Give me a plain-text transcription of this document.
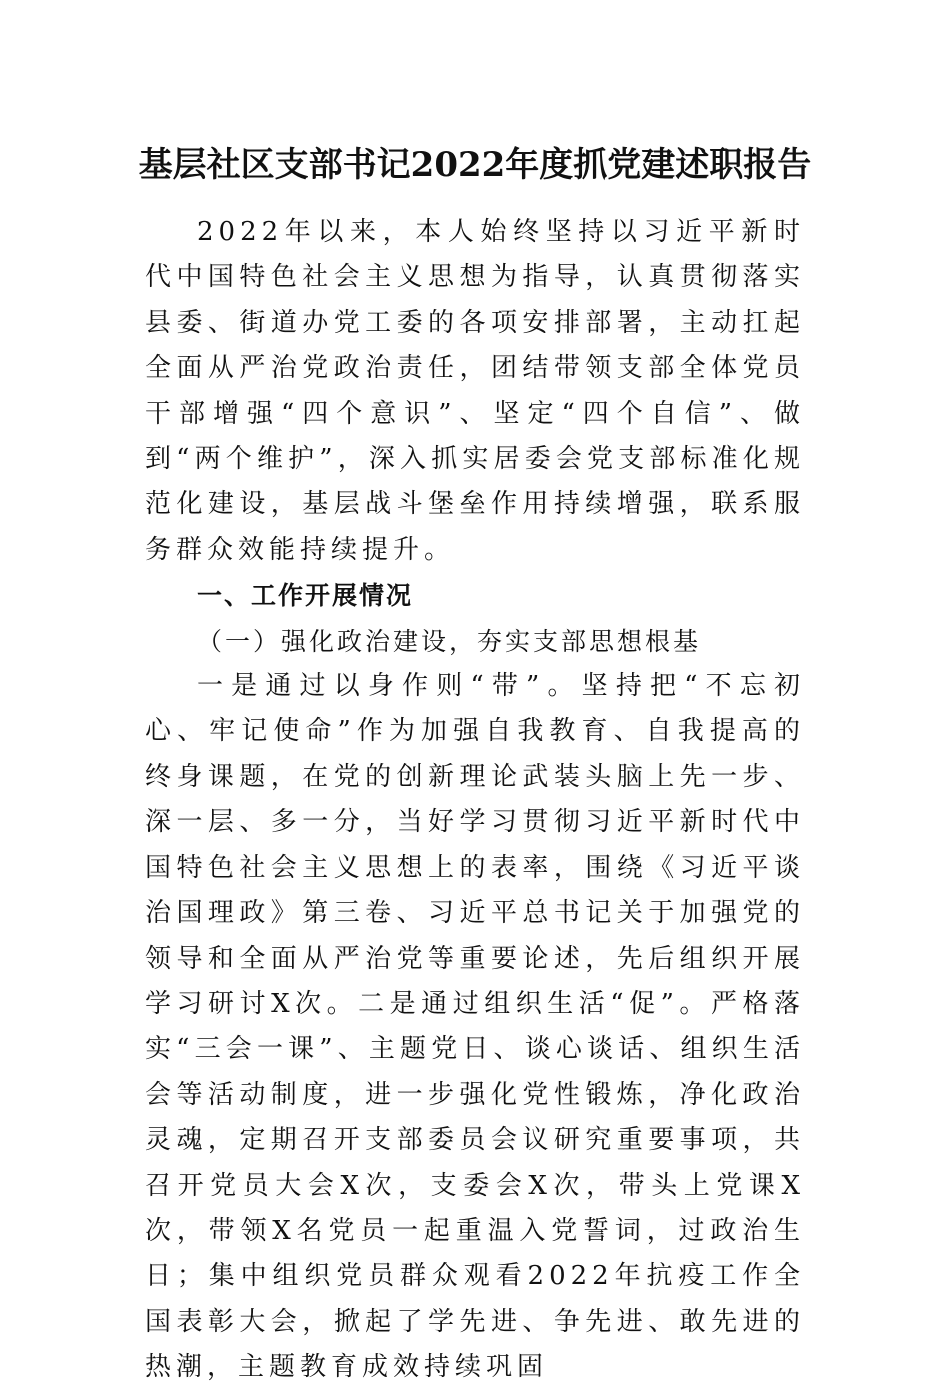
基层社区支部书记2022年度抓党建述职报告

2022年以来，本人始终坚持以习近平新时代中国特色社会主义思想为指导，认真贯彻落实县委、街道办党工委的各项安排部署，主动扛起全面从严治党政治责任，团结带领支部全体党员干部增强“四个意识”、坚定“四个自信”、做到“两个维护”，深入抓实居委会党支部标准化规范化建设，基层战斗堡垒作用持续增强，联系服务群众效能持续提升。

一、工作开展情况

（一）强化政治建设，夯实支部思想根基

一是通过以身作则“带”。坚持把“不忘初心、牢记使命”作为加强自我教育、自我提高的终身课题，在党的创新理论武装头脑上先一步、深一层、多一分，当好学习贯彻习近平新时代中国特色社会主义思想上的表率，围绕《习近平谈治国理政》第三卷、习近平总书记关于加强党的领导和全面从严治党等重要论述，先后组织开展学习研讨X次。二是通过组织生活“促”。严格落实“三会一课”、主题党日、谈心谈话、组织生活会等活动制度，进一步强化党性锻炼，净化政治灵魂，定期召开支部委员会议研究重要事项，共召开党员大会X次，支委会X次，带头上党课X次，带领X名党员一起重温入党誓词，过政治生日；集中组织党员群众观看2022年抗疫工作全国表彰大会，掀起了学先进、争先进、敢先进的热潮，主题教育成效持续巩固
